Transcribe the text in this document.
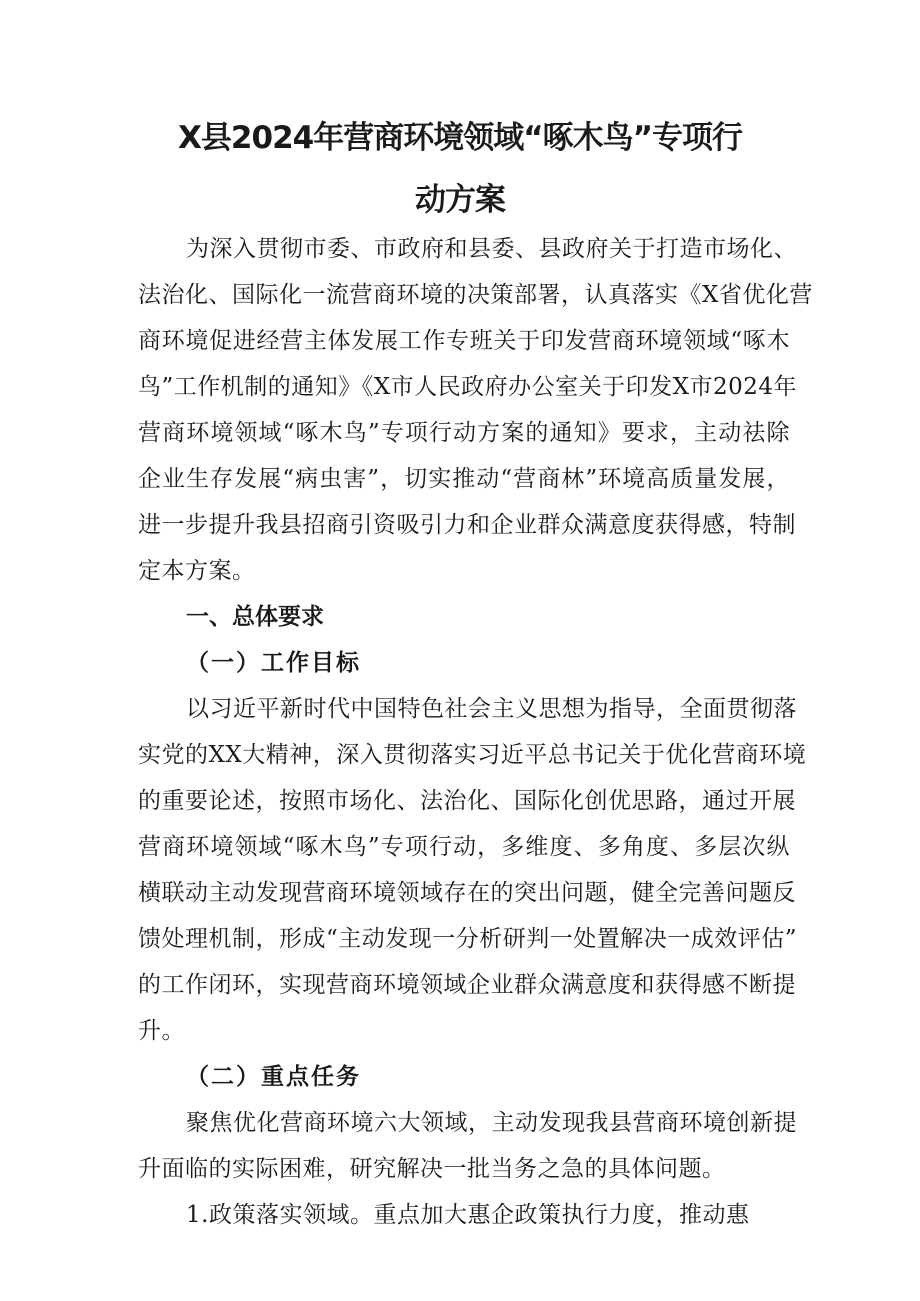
X县2024年营商环境领域“啄木鸟”专项行
动方案

为深入贯彻市委、市政府和县委、县政府关于打造市场化、

法治化、国际化一流营商环境的决策部署，认真落实《X省优化营

商环境促进经营主体发展工作专班关于印发营商环境领域“啄木

鸟”工作机制的通知》《X市人民政府办公室关于印发X市2024年

营商环境领域“啄木鸟”专项行动方案的通知》要求，主动祛除

企业生存发展“病虫害”，切实推动“营商林”环境高质量发展，

进一步提升我县招商引资吸引力和企业群众满意度获得感，特制

定本方案。

一、总体要求
（一）工作目标

以习近平新时代中国特色社会主义思想为指导，全面贯彻落

实党的XX大精神，深入贯彻落实习近平总书记关于优化营商环境

的重要论述，按照市场化、法治化、国际化创优思路，通过开展

营商环境领域“啄木鸟”专项行动，多维度、多角度、多层次纵

横联动主动发现营商环境领域存在的突出问题，健全完善问题反

馈处理机制，形成“主动发现一分析研判一处置解决一成效评估”

的工作闭环，实现营商环境领域企业群众满意度和获得感不断提

升。

（二）重点任务

聚焦优化营商环境六大领域，主动发现我县营商环境创新提

升面临的实际困难，研究解决一批当务之急的具体问题。

1.政策落实领域。重点加大惠企政策执行力度，推动惠
